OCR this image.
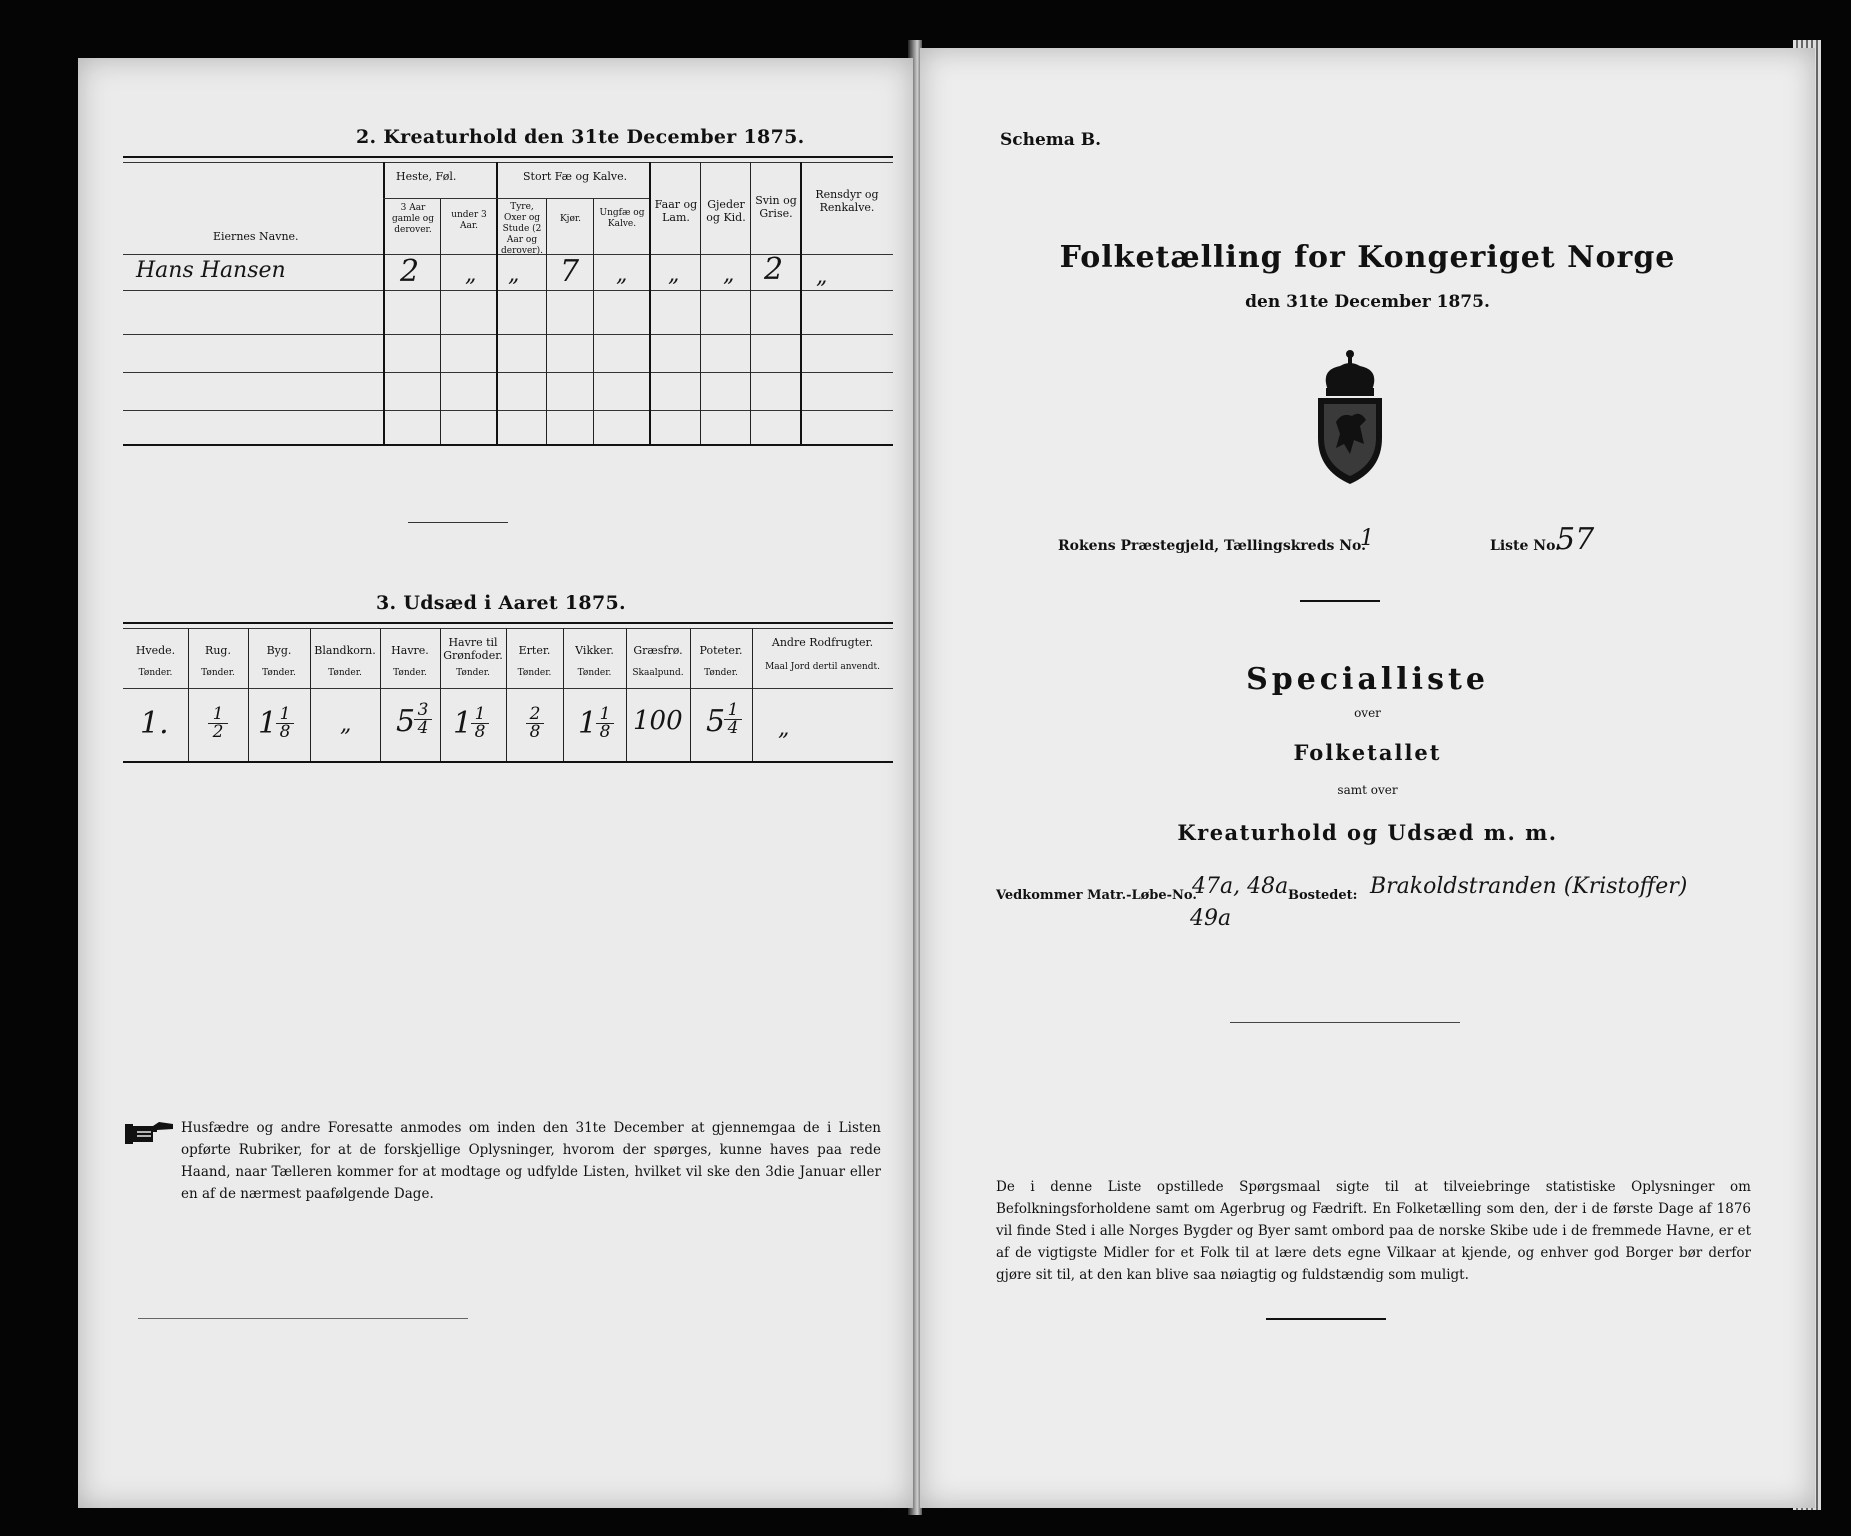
2. Kreaturhold den 31te December 1875.
Eiernes Navne.
Heste, Føl.
3 Aar gamle og derover.
under 3 Aar.
Stort Fæ og Kalve.
Tyre, Oxer og Stude (2 Aar og derover).
Kjør.
Ungfæ og Kalve.
Faar og Lam.
Gjeder og Kid.
Svin og Grise.
Rensdyr og Renkalve.
Hans Hansen	2 „ „ 7 „ „ „ 2 „
3. Udsæd i Aaret 1875.
Hvede.
Tønder.
Rug.
Tønder.
Byg.
Tønder.
Blandkorn.
Tønder.
Havre.
Tønder.
Havre til Grønfoder.
Tønder.
Erter.
Tønder.
Vikker.
Tønder.
Græsfrø.
Skaalpund.
Poteter.
Tønder.
Andre Rodfrugter.
Maal Jord dertil anvendt.
1. $\frac{1}{2} 1$
$\frac{1}{8}$ „ 5
$\frac{3}{4} 1$
$\frac{1}{8} \frac{2}{8} 1$
$\frac{1}{8} 100$ 5
$\frac{1}{4}$ „
Husfædre og andre Foresatte anmodes om inden den 31te December at gjennemgaa de i Listen opførte Rubriker, for at de forskjellige Oplysninger, hvorom der spørges, kunne haves paa rede Haand, naar Tælleren kommer for at modtage og udfylde Listen, hvilket vil ske den 3die Januar eller en af de nærmest paafølgende Dage.
Schema B.
Folketælling for Kongeriget Norge
den 31te December 1875.
Rokens Præstegjeld, Tællingskreds No.
1	Liste No.
57
Specialliste
over
Folketallet
samt over
Kreaturhold og Udsæd m. m.
Vedkommer Matr.-Løbe-No.
47a, 48a
49a
Bostedet: Brakoldstranden (Kristoffer)
De i denne Liste opstillede Spørgsmaal sigte til at tilveiebringe statistiske Oplysninger om Befolkningsforholdene samt om Agerbrug og Fædrift. En Folketælling som den, der i de første Dage af 1876 vil finde Sted i alle Norges Bygder og Byer samt ombord paa de norske Skibe ude i de fremmede Havne, er et af de vigtigste Midler for et Folk til at lære dets egne Vilkaar at kjende, og enhver god Borger bør derfor gjøre sit til, at den kan blive saa nøiagtig og fuldstændig som muligt.
